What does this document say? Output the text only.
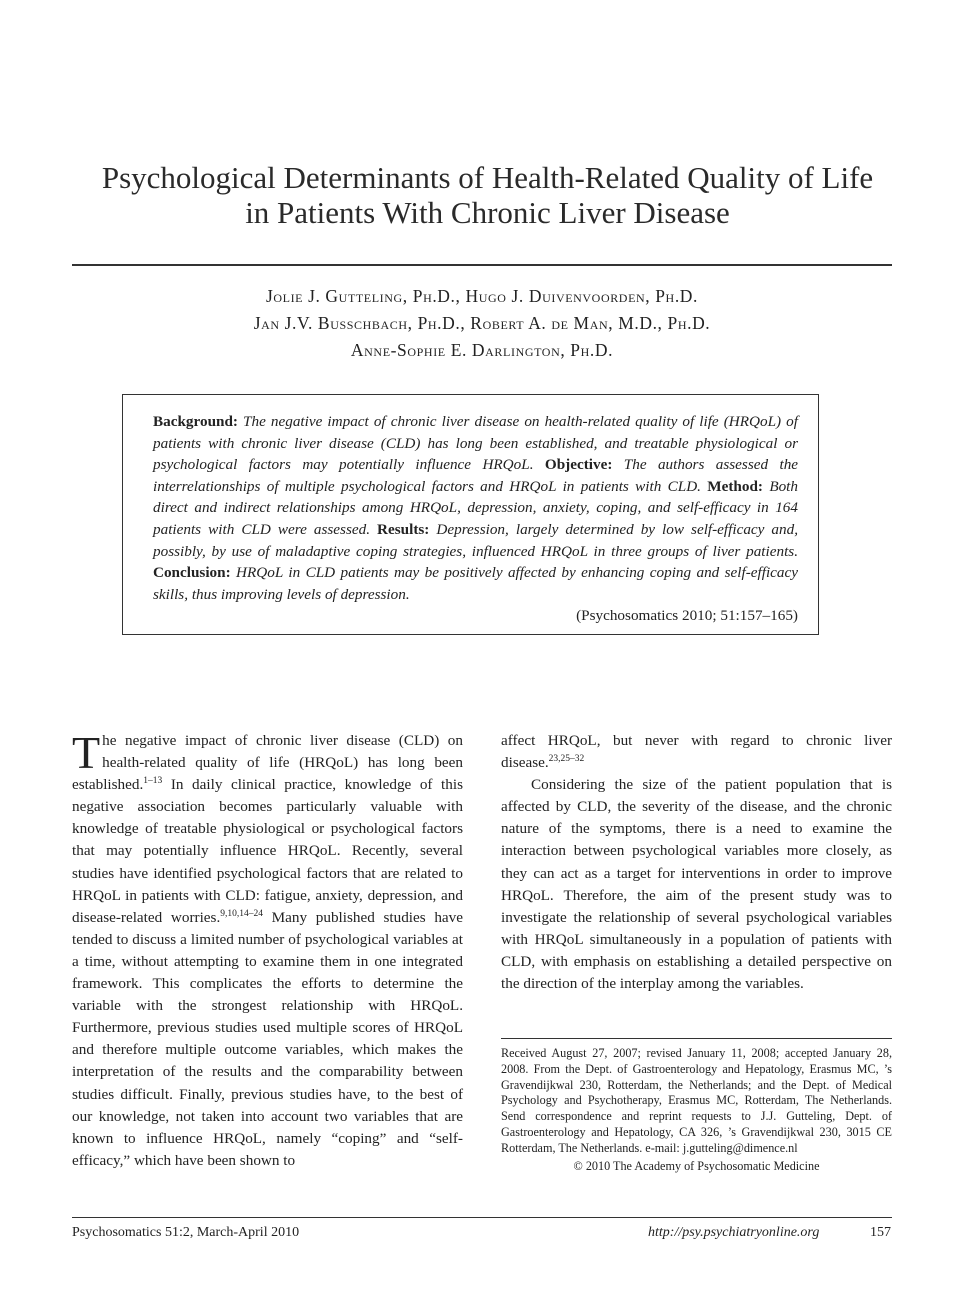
Psychological Determinants of Health-Related Quality of Life
in Patients With Chronic Liver Disease
Jolie J. Gutteling, Ph.D., Hugo J. Duivenvoorden, Ph.D.
Jan J.V. Busschbach, Ph.D., Robert A. de Man, M.D., Ph.D.
Anne-Sophie E. Darlington, Ph.D.
Background: The negative impact of chronic liver disease on health-related quality of life (HRQoL) of patients with chronic liver disease (CLD) has long been established, and treatable physiological or psychological factors may potentially influence HRQoL. Objective: The authors assessed the interrelationships of multiple psychological factors and HRQoL in patients with CLD. Method: Both direct and indirect relationships among HRQoL, depression, anxiety, coping, and self-efficacy in 164 patients with CLD were assessed. Results: Depression, largely determined by low self-efficacy and, possibly, by use of maladaptive coping strategies, influenced HRQoL in three groups of liver patients. Conclusion: HRQoL in CLD patients may be positively affected by enhancing coping and self-efficacy skills, thus improving levels of depression.
(Psychosomatics 2010; 51:157–165)

The negative impact of chronic liver disease (CLD) on health-related quality of life (HRQoL) has long been established.$^{1-13}$ In daily clinical practice, knowledge of this negative association becomes particularly valuable with knowledge of treatable physiological or psychological factors that may potentially influence HRQoL. Recently, several studies have identified psychological factors that are related to HRQoL in patients with CLD: fatigue, anxiety, depression, and disease-related worries.$^{9,10,14-24}$ Many published studies have tended to discuss a limited number of psychological variables at a time, without attempting to examine them in one integrated framework. This complicates the efforts to determine the variable with the strongest relationship with HRQoL. Furthermore, previous studies used multiple scores of HRQoL and therefore multiple outcome variables, which makes the interpretation of the results and the comparability between studies difficult. Finally, previous studies have, to the best of our knowledge, not taken into account two variables that are known to influence HRQoL, namely “coping” and “self-efficacy,” which have been shown to

affect HRQoL, but never with regard to chronic liver disease.$^{23,25-32}$

Considering the size of the patient population that is affected by CLD, the severity of the disease, and the chronic nature of the symptoms, there is a need to examine the interaction between psychological variables more closely, as they can act as a target for interventions in order to improve HRQoL. Therefore, the aim of the present study was to investigate the relationship of several psychological variables with HRQoL simultaneously in a population of patients with CLD, with emphasis on establishing a detailed perspective on the direction of the interplay among the variables.

Received August 27, 2007; revised January 11, 2008; accepted January 28, 2008. From the Dept. of Gastroenterology and Hepatology, Erasmus MC, ’s Gravendijkwal 230, Rotterdam, the Netherlands; and the Dept. of Medical Psychology and Psychotherapy, Erasmus MC, Rotterdam, The Netherlands. Send correspondence and reprint requests to J.J. Gutteling, Dept. of Gastroenterology and Hepatology, CA 326, ’s Gravendijkwal 230, 3015 CE Rotterdam, The Netherlands. e-mail: j.gutteling@dimence.nl
© 2010 The Academy of Psychosomatic Medicine
Psychosomatics 51:2, March-April 2010	http://psy.psychiatryonline.org	157
